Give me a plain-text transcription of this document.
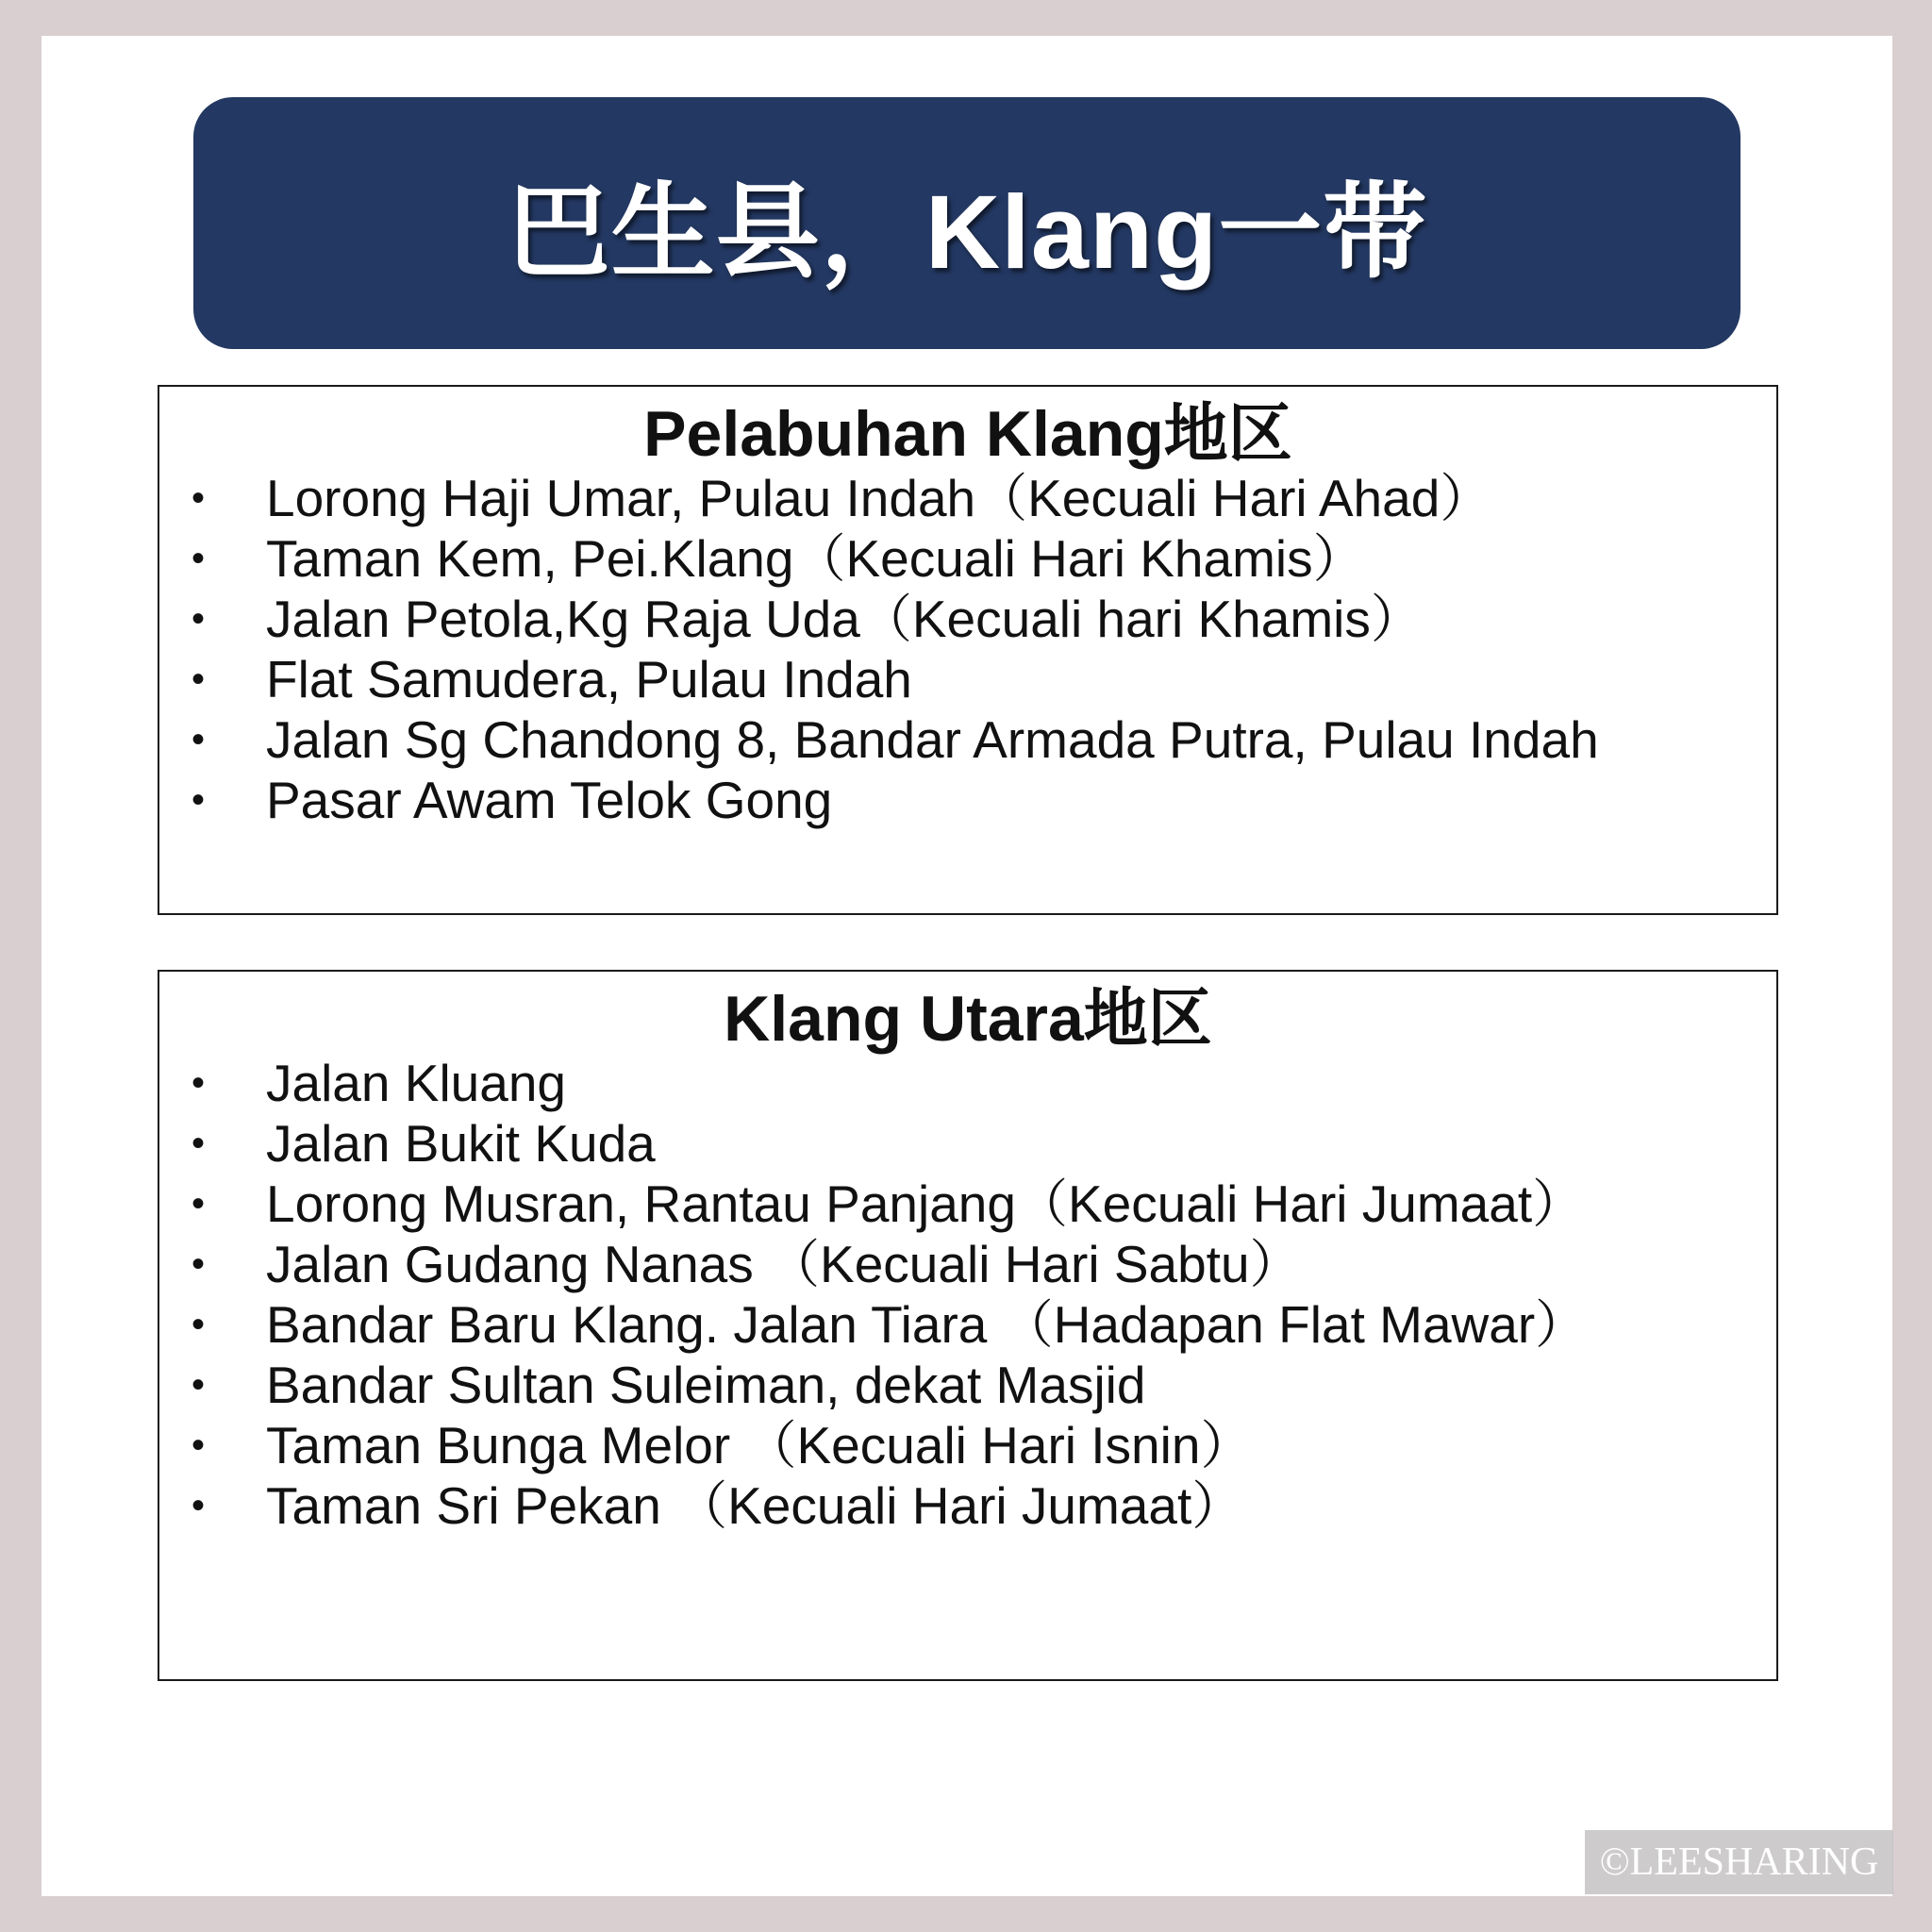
巴生县，Klang一带
Pelabuhan Klang地区
• Lorong Haji Umar, Pulau Indah（Kecuali Hari Ahad）
• Taman Kem, Pei.Klang（Kecuali Hari Khamis）
• Jalan Petola,Kg Raja Uda（Kecuali hari Khamis）
• Flat Samudera, Pulau Indah
• Jalan Sg Chandong 8, Bandar Armada Putra, Pulau Indah
• Pasar Awam Telok Gong
Klang Utara地区
• Jalan Kluang
• Jalan Bukit Kuda
• Lorong Musran, Rantau Panjang（Kecuali Hari Jumaat）
• Jalan Gudang Nanas （Kecuali Hari Sabtu）
• Bandar Baru Klang. Jalan Tiara （Hadapan Flat Mawar）
• Bandar Sultan Suleiman, dekat Masjid
• Taman Bunga Melor （Kecuali Hari Isnin）
• Taman Sri Pekan （Kecuali Hari Jumaat）
©LEESHARING
